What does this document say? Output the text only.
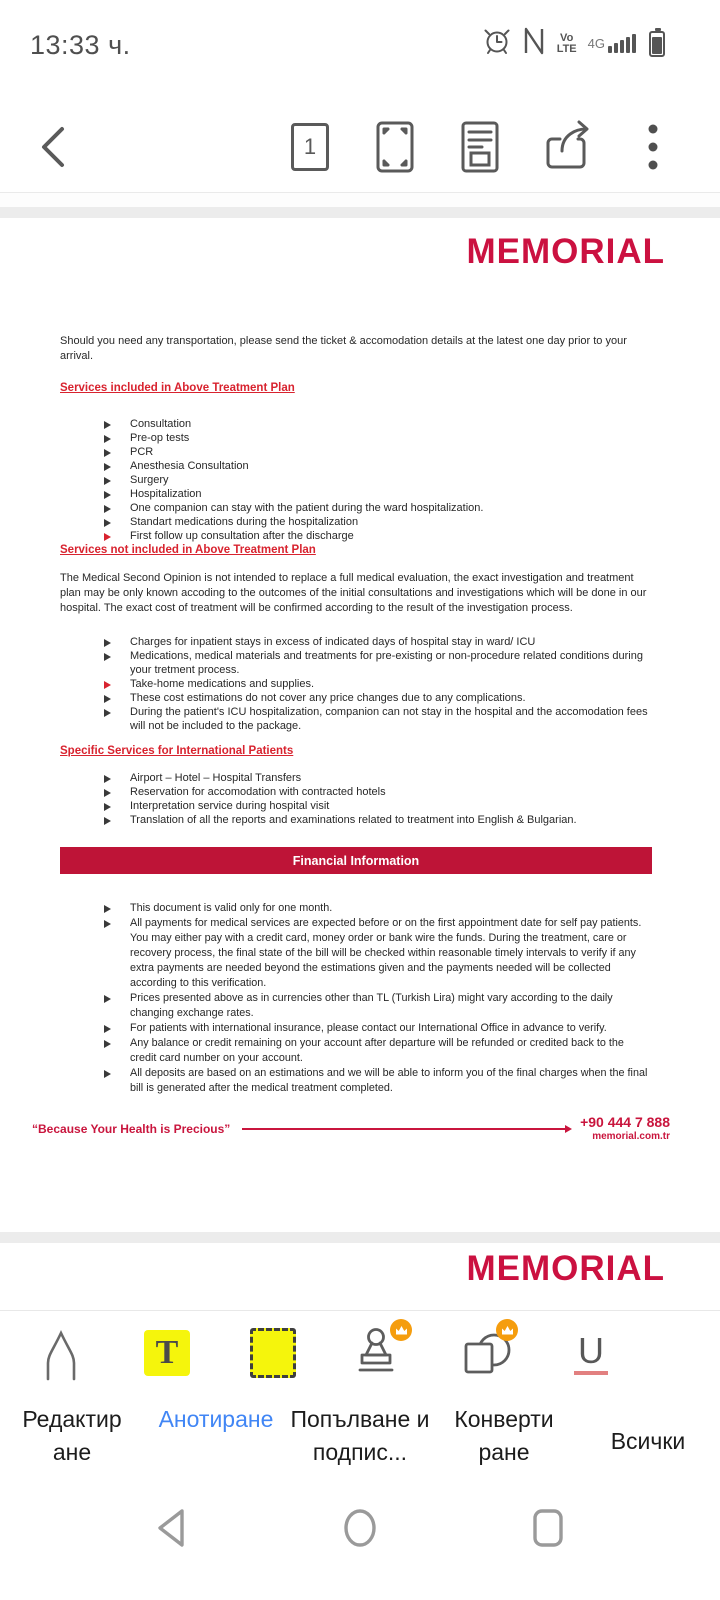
13:33 ч.	Vo
LTE 4G
1
MEMORIAL
Should you need any transportation, please send the ticket & accomodation details at the latest one day prior to your arrival.
Services included in Above Treatment Plan
Consultation
Pre-op tests
PCR
Anesthesia Consultation
Surgery
Hospitalization
One companion can stay with the patient during the ward hospitalization.
Standart medications during the hospitalization
First follow up consultation after the discharge
Services not included in Above Treatment Plan
The Medical Second Opinion is not intended to replace a full medical evaluation, the exact investigation and treatment plan may be only known accoding to the outcomes of the initial consultations and investigations which will be done in our hospital. The exact cost of treatment will be confirmed according to the result of the investigation process.
Charges for inpatient stays in excess of indicated days of hospital stay in ward/ ICU
Medications, medical materials and treatments for pre-existing or non-procedure related conditions during your tretment process.
Take-home medications and supplies.
These cost estimations do not cover any price changes due to any complications.
During the patient's ICU hospitalization, companion can not stay in the hospital and the accomodation fees will not be included to the package.
Specific Services for International Patients
Airport – Hotel – Hospital Transfers
Reservation for accomodation with contracted hotels
Interpretation service during hospital visit
Translation of all the reports and examinations related to treatment into English & Bulgarian.
Financial Information
This document is valid only for one month.
All payments for medical services are expected before or on the first appointment date for self pay patients. You may either pay with a credit card, money order or bank wire the funds. During the treatment, care or recovery process, the final state of the bill will be checked within reasonable timely intervals to verify if any extra payments are needed beyond the estimations given and the payments needed will be collected according to this verification.
Prices presented above as in currencies other than TL (Turkish Lira) might vary according to the daily changing exchange rates.
For patients with international insurance, please contact our International Office in advance to verify.
Any balance or credit remaining on your account after departure will be refunded or credited back to the credit card number on your account.
All deposits are based on an estimations and we will be able to inform you of the final charges when the final bill is generated after the medical treatment completed.
“Because Your Health is Precious”	+90 444 7 888
memorial.com.tr
MEMORIAL
T	U
Редактиране
Анотиране Попълване и подпис...
Конвертиране	Всички
